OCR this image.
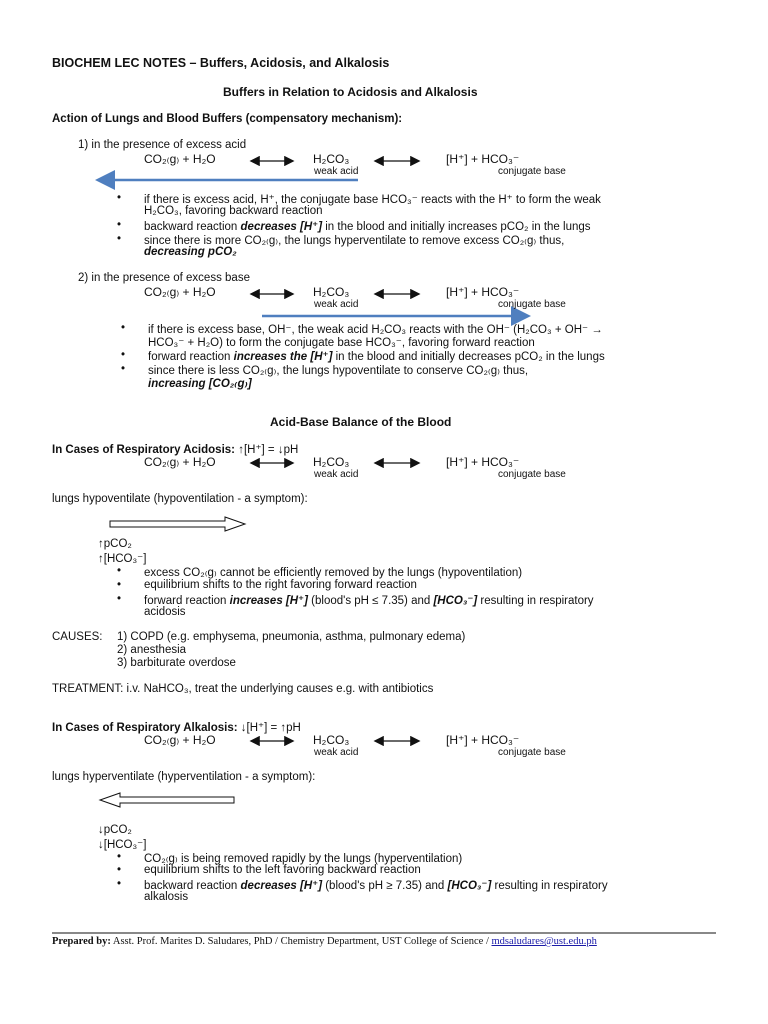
BIOCHEM LEC NOTES – Buffers, Acidosis, and Alkalosis
Buffers in Relation to Acidosis and Alkalosis
Action of Lungs and Blood Buffers (compensatory mechanism):
1) in the presence of excess acid
CO₂₍g₎ + H₂O	H₂CO₃
weak acid
[H⁺] + HCO₃⁻
conjugate base
• if there is excess acid, H⁺, the conjugate base HCO₃⁻ reacts with the H⁺ to form the weak
H₂CO₃, favoring backward reaction
• backward reaction decreases [H⁺] in the blood and initially increases pCO₂ in the lungs
• since there is more CO₂₍g₎, the lungs hyperventilate to remove excess CO₂₍g₎ thus,
decreasing pCO₂
2) in the presence of excess base
CO₂₍g₎ + H₂O	H₂CO₃
weak acid
[H⁺] + HCO₃⁻
conjugate base
• if there is excess base, OH⁻, the weak acid H₂CO₃ reacts with the OH⁻ (H₂CO₃ + OH⁻ →
HCO₃⁻ + H₂O) to form the conjugate base HCO₃⁻, favoring forward reaction
• forward reaction increases the [H⁺] in the blood and initially decreases pCO₂ in the lungs
• since there is less CO₂₍g₎, the lungs hypoventilate to conserve CO₂₍g₎ thus,
increasing [CO₂₍g₎]
Acid-Base Balance of the Blood
In Cases of Respiratory Acidosis: ↑[H⁺] = ↓pH
CO₂₍g₎ + H₂O	H₂CO₃
weak acid
[H⁺] + HCO₃⁻
conjugate base
lungs hypoventilate (hypoventilation - a symptom):
↑pCO₂
↑[HCO₃⁻]
• excess CO₂₍g₎ cannot be efficiently removed by the lungs (hypoventilation)
• equilibrium shifts to the right favoring forward reaction
• forward reaction increases [H⁺] (blood's pH ≤ 7.35) and [HCO₃⁻] resulting in respiratory
acidosis
CAUSES: 1) COPD (e.g. emphysema, pneumonia, asthma, pulmonary edema)
2) anesthesia
3) barbiturate overdose
TREATMENT: i.v. NaHCO₃, treat the underlying causes e.g. with antibiotics
In Cases of Respiratory Alkalosis: ↓[H⁺] = ↑pH
CO₂₍g₎ + H₂O	H₂CO₃
weak acid
[H⁺] + HCO₃⁻
conjugate base
lungs hyperventilate (hyperventilation - a symptom):
↓pCO₂
↓[HCO₃⁻]
• CO₂₍g₎ is being removed rapidly by the lungs (hyperventilation)
• equilibrium shifts to the left favoring backward reaction
• backward reaction decreases [H⁺] (blood's pH ≥ 7.35) and [HCO₃⁻] resulting in respiratory
alkalosis
Prepared by: Asst. Prof. Marites D. Saludares, PhD / Chemistry Department, UST College of Science / mdsaludares@ust.edu.ph
